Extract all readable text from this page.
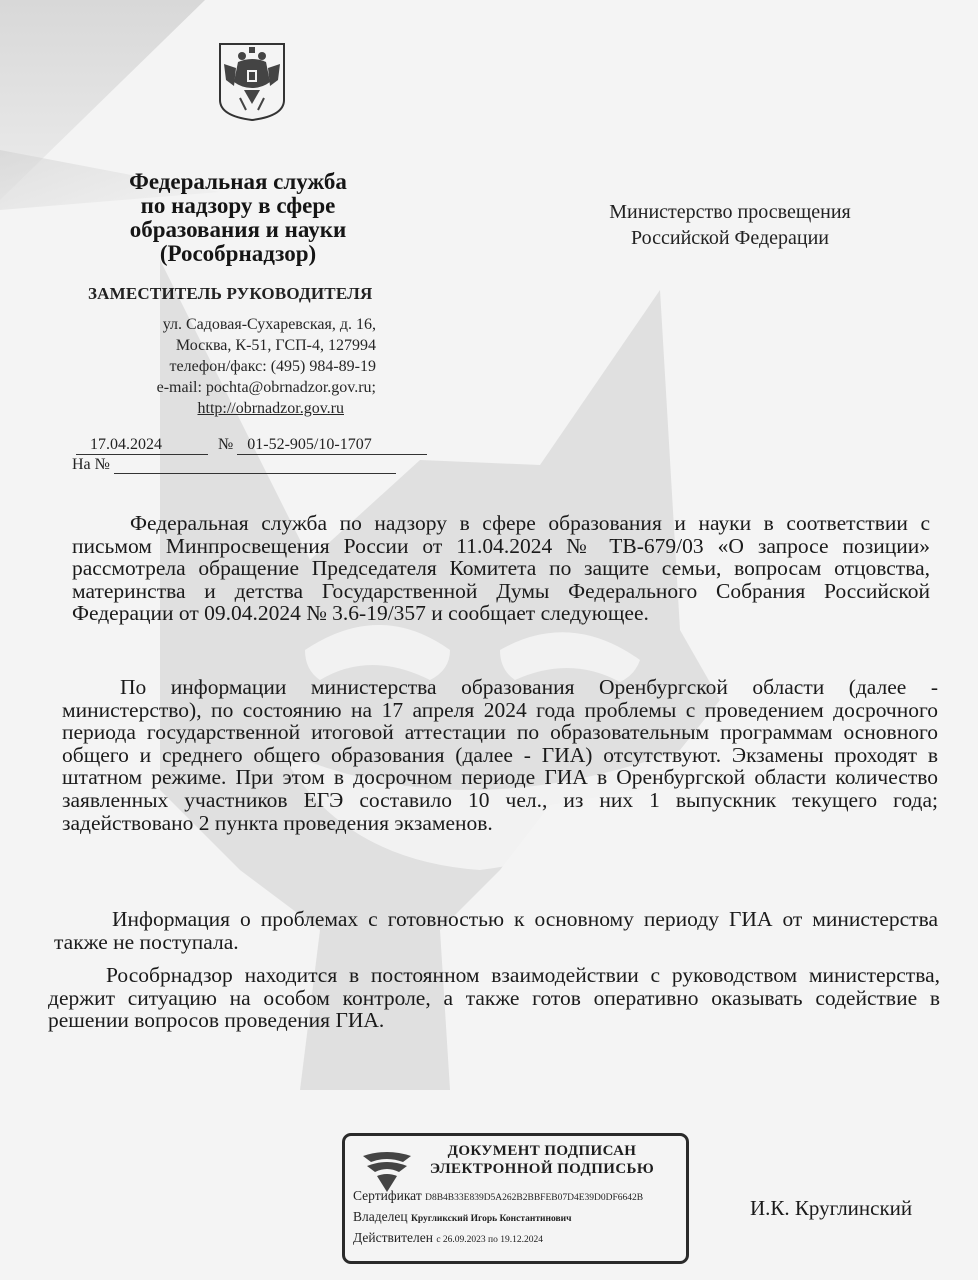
Федеральная служба
по надзору в сфере
образования и науки
(Рособрнадзор)
ЗАМЕСТИТЕЛЬ РУКОВОДИТЕЛЯ
ул. Садовая-Сухаревская, д. 16,
Москва, К-51, ГСП-4, 127994
телефон/факс: (495) 984-89-19
e-mail: pochta@obrnadzor.gov.ru;
http://obrnadzor.gov.ru
17.04.2024	№ 01-52-905/10-1707
На №
Министерство просвещения
Российской Федерации

Федеральная служба по надзору в сфере образования и науки в соответствии с письмом Минпросвещения России от 11.04.2024 № ТВ-679/03 «О запросе позиции» рассмотрела обращение Председателя Комитета по защите семьи, вопросам отцовства, материнства и детства Государственной Думы Федерального Собрания Российской Федерации от 09.04.2024 № 3.6-19/357 и сообщает следующее.

По информации министерства образования Оренбургской области (далее - министерство), по состоянию на 17 апреля 2024 года проблемы с проведением досрочного периода государственной итоговой аттестации по образовательным программам основного общего и среднего общего образования (далее - ГИА) отсутствуют. Экзамены проходят в штатном режиме. При этом в досрочном периоде ГИА в Оренбургской области количество заявленных участников ЕГЭ составило 10 чел., из них 1 выпускник текущего года; задействовано 2 пункта проведения экзаменов.

Информация о проблемах с готовностью к основному периоду ГИА от министерства также не поступала.

Рособрнадзор находится в постоянном взаимодействии с руководством министерства, держит ситуацию на особом контроле, а также готов оперативно оказывать содействие в решении вопросов проведения ГИА.

ДОКУМЕНТ ПОДПИСАН
ЭЛЕКТРОННОЙ ПОДПИСЬЮ
Сертификат D8B4B33E839D5A262B2BBFEB07D4E39D0DF6642B
Владелец Кругликский Игорь Константинович
Действителен с 26.09.2023 по 19.12.2024
И.К. Круглинский
